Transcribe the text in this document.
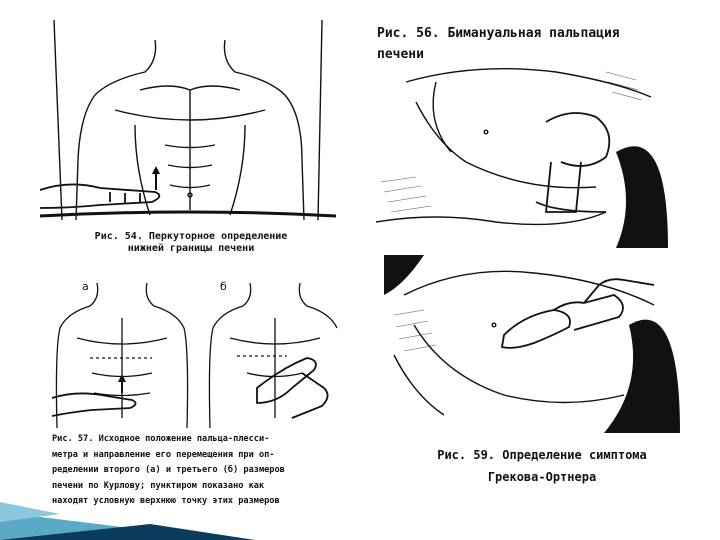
Рис. 54. Перкуторное определение
нижней границы печени
Рис. 56. Бимануальная пальпация
печени
а	б
Рис. 57. Исходное положение пальца-плесси-
метра и направление его перемещения при оп-
ределении второго (а) и третьего (б) размеров
печени по Курлову; пунктиром показано как
находят условную верхнюю точку этих размеров
Рис. 59. Определение симптома
Грекова-Ортнера
